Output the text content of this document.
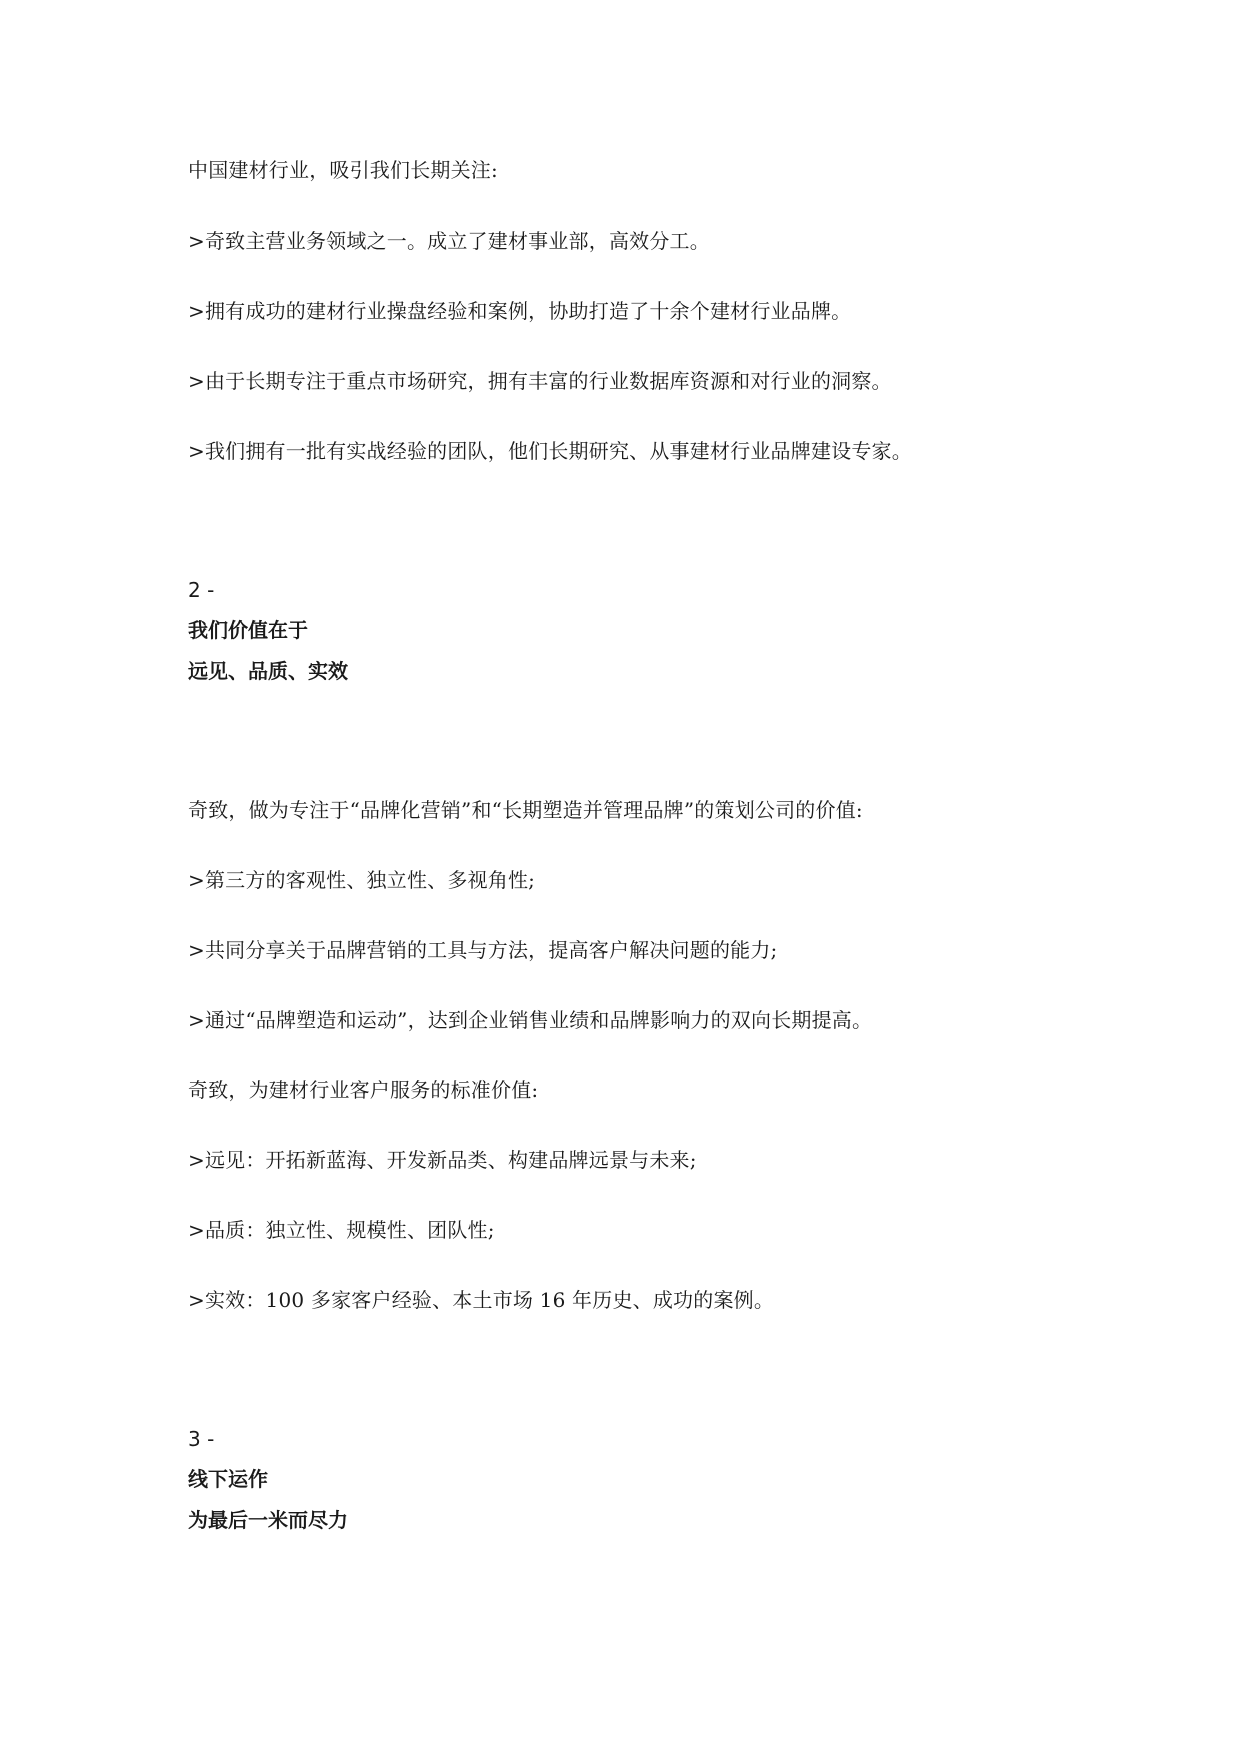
中国建材行业，吸引我们长期关注:
>奇致主营业务领域之一。成立了建材事业部，高效分工。
>拥有成功的建材行业操盘经验和案例，协助打造了十余个建材行业品牌。
>由于长期专注于重点市场研究，拥有丰富的行业数据库资源和对行业的洞察。
>我们拥有一批有实战经验的团队，他们长期研究、从事建材行业品牌建设专家。
2 -
我们价值在于
远见、品质、实效
奇致，做为专注于“品牌化营销”和“长期塑造并管理品牌”的策划公司的价值:
>第三方的客观性、独立性、多视角性;
>共同分享关于品牌营销的工具与方法，提高客户解决问题的能力;
>通过“品牌塑造和运动”，达到企业销售业绩和品牌影响力的双向长期提高。
奇致，为建材行业客户服务的标准价值:
>远见：开拓新蓝海、开发新品类、构建品牌远景与未来;
>品质：独立性、规模性、团队性;
>实效：100 多家客户经验、本土市场 16 年历史、成功的案例。
3 -
线下运作
为最后一米而尽力
